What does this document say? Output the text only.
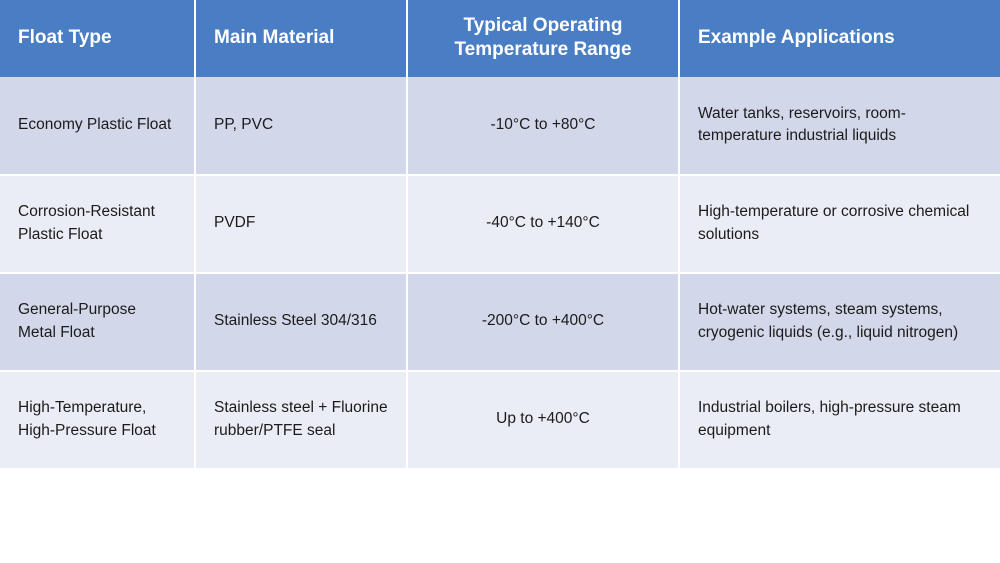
Float Type	Main Material	Typical Operating Temperature Range	Example Applications
Economy Plastic Float	PP, PVC	-10°C to +80°C	Water tanks, reservoirs, room-temperature industrial liquids
Corrosion-Resistant Plastic Float	PVDF	-40°C to +140°C	High-temperature or corrosive chemical solutions
General-Purpose Metal Float	Stainless Steel 304/316	-200°C to +400°C	Hot-water systems, steam systems, cryogenic liquids (e.g., liquid nitrogen)
High-Temperature, High-Pressure Float	Stainless steel + Fluorine rubber/PTFE seal	Up to +400°C	Industrial boilers, high-pressure steam equipment
